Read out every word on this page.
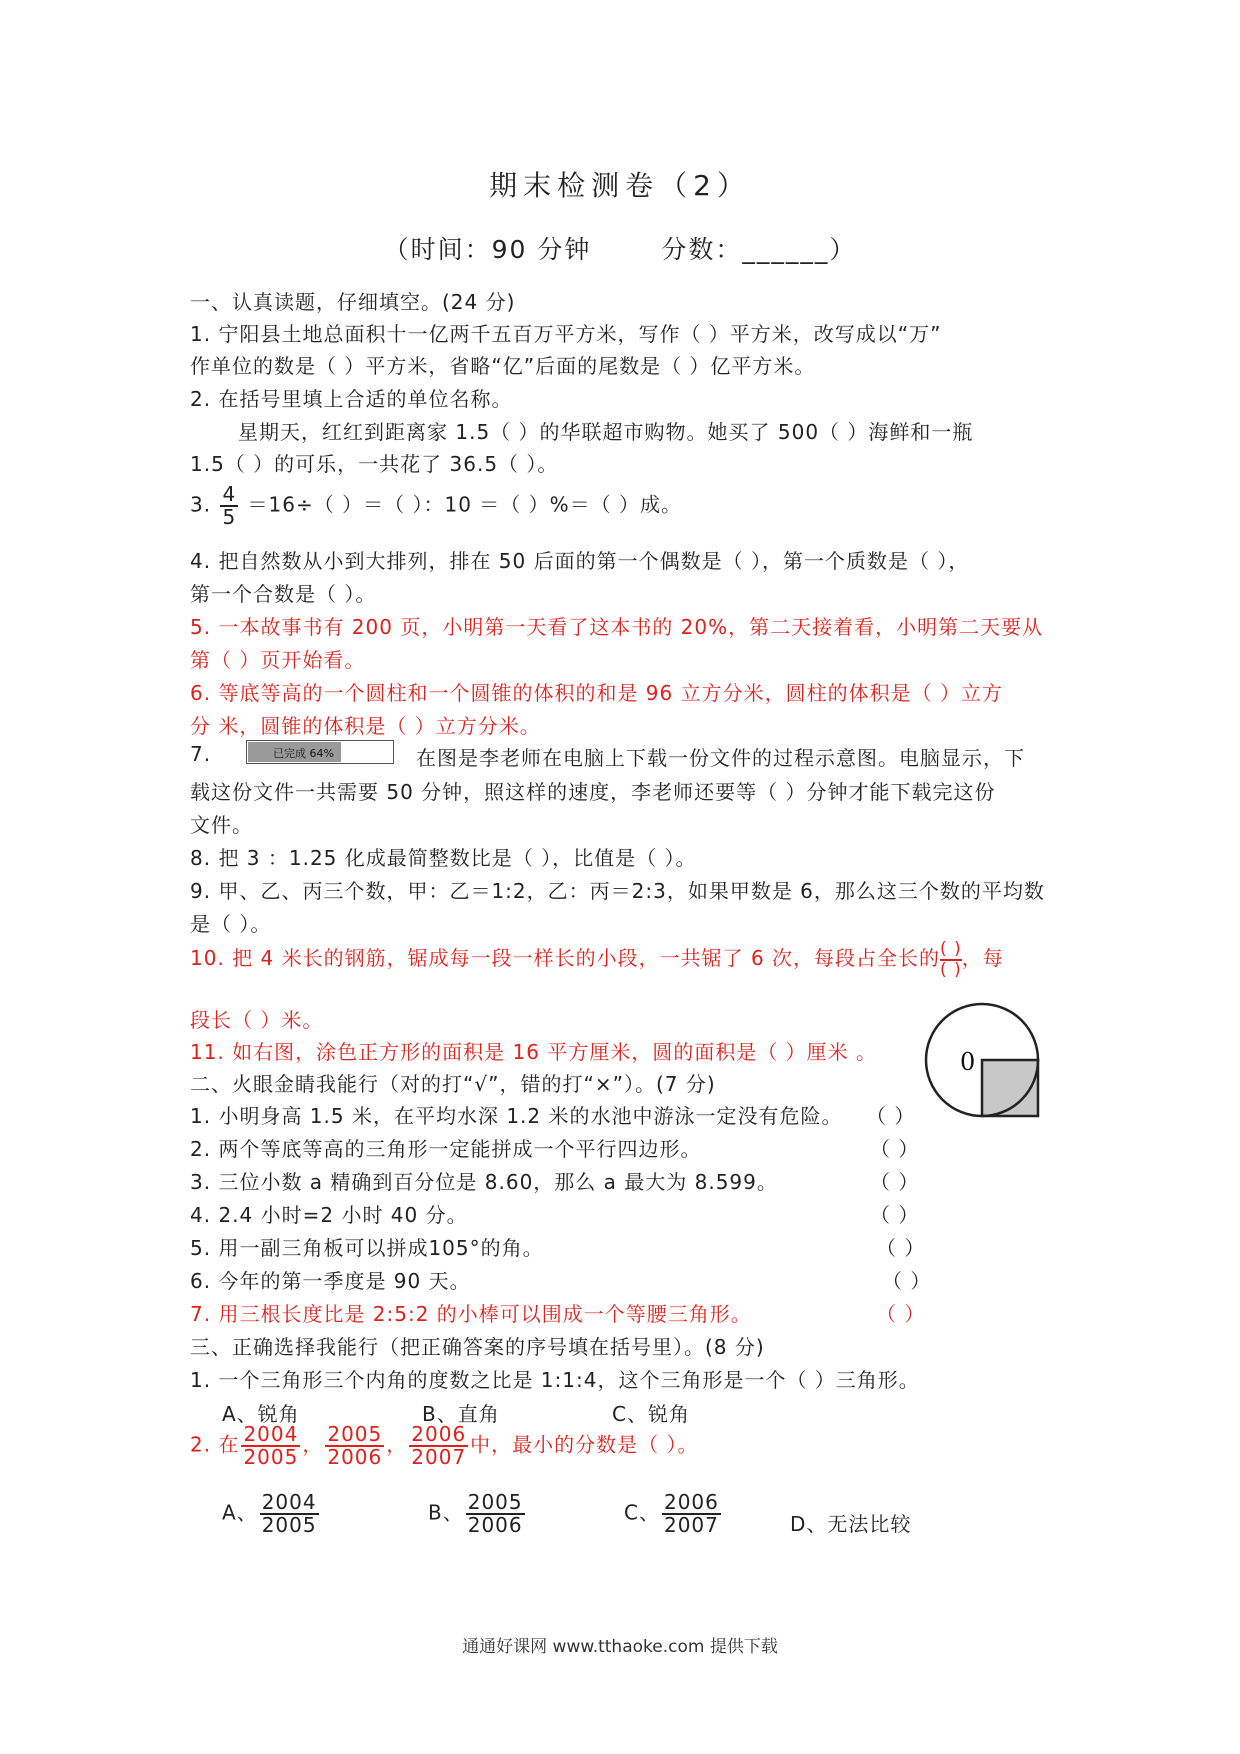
期末检测卷（2）
（时间：90 分钟	分数：______）
一、认真读题，仔细填空。(24 分)
1. 宁阳县土地总面积十一亿两千五百万平方米，写作（ ）平方米，改写成以“万”
作单位的数是（ ）平方米，省略“亿”后面的尾数是（ ）亿平方米。
2. 在括号里填上合适的单位名称。
星期天，红红到距离家 1.5（ ）的华联超市购物。她买了 500（ ）海鲜和一瓶
1.5（ ）的可乐，一共花了 36.5（ ）。
3. $\frac{4}{5} =16\div$（ ）＝（ ）：10 ＝（ ）%＝（ ）成。
4. 把自然数从小到大排列，排在 50 后面的第一个偶数是（ ），第一个质数是（ ），
第一个合数是（ ）。
5. 一本故事书有 200 页，小明第一天看了这本书的 20%，第二天接着看，小明第二天要从
第（ ）页开始看。
6. 等底等高的一个圆柱和一个圆锥的体积的和是 96 立方分米，圆柱的体积是（ ）立方
分 米，圆锥的体积是（ ）立方分米。
7.	已完成 64%	在图是李老师在电脑上下载一份文件的过程示意图。电脑显示，下
载这份文件一共需要 50 分钟，照这样的速度，李老师还要等（ ）分钟才能下载完这份
文件。
8. 把 3 ：1.25 化成最简整数比是（ ），比值是（ ）。
9. 甲、乙、丙三个数，甲：乙＝1:2，乙：丙＝2:3，如果甲数是 6，那么这三个数的平均数
是（ ）。
10. 把 4 米长的钢筋，锯成每一段一样长的小段，一共锯了 6 次，每段占全长的 ( )
( )，每
段长（ ）米。
11. 如右图，涂色正方形的面积是 16 平方厘米，圆的面积是（ ）厘米 。	0
二、火眼金睛我能行（对的打“√”，错的打“×”）。(7 分)
1. 小明身高 1.5 米，在平均水深 1.2 米的水池中游泳一定没有危险。 （ ）
2. 两个等底等高的三角形一定能拼成一个平行四边形。	（ ）
3. 三位小数 a 精确到百分位是 8.60，那么 a 最大为 8.599。	（ ）
4. 2.4 小时=2 小时 40 分。	（ ）
5. 用一副三角板可以拼成105°的角。	（ ）
6. 今年的第一季度是 90 天。	（ ）
7. 用三根长度比是 2:5:2 的小棒可以围成一个等腰三角形。	（ ）
三、正确选择我能行（把正确答案的序号填在括号里）。(8 分)
1. 一个三角形三个内角的度数之比是 1:1:4，这个三角形是一个（ ）三角形。
A、锐角	B、直角	C、锐角
2. 在 $\frac{2004}{2005}$ ， $\frac{2005}{2006}$ ， $\frac{2006}{2007}$ 中，最小的分数是（ ）。
A、 $\frac{2004}{2005}$	B、 $\frac{2005}{2006}$	C、 $\frac{2006}{2007}$	D、无法比较
通通好课网 www.tthaoke.com 提供下载
